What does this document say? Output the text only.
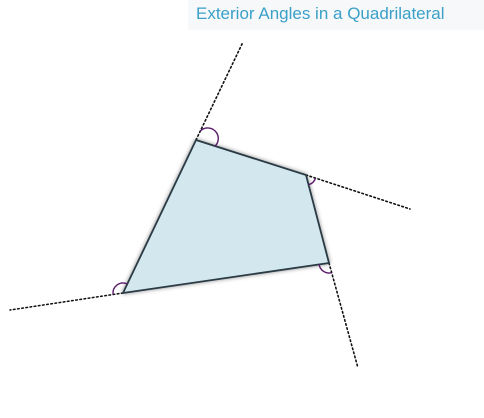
Exterior Angles in a Quadrilateral
